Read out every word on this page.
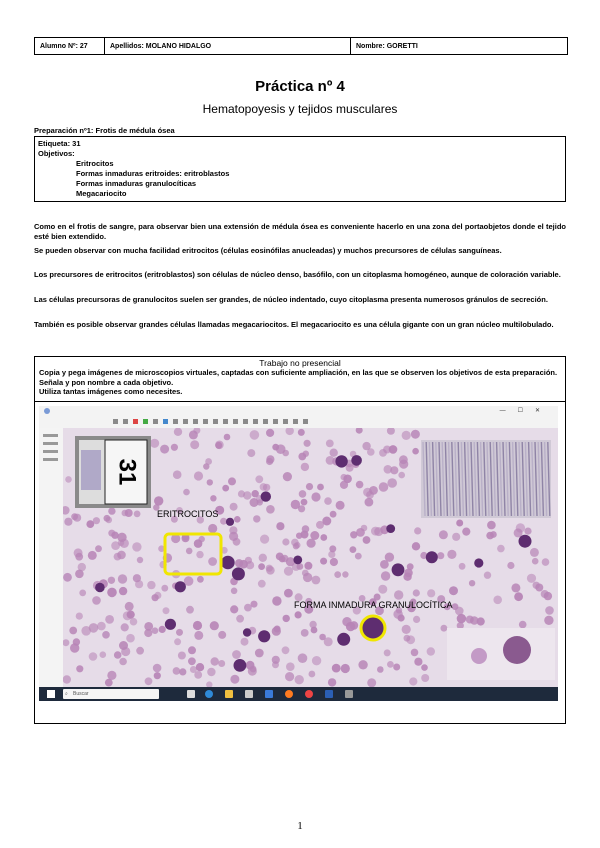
Alumno Nº: 27	Apellidos: MOLANO HIDALGO	Nombre: GORETTI
Práctica nº 4
Hematopoyesis y tejidos musculares
Preparación nº1: Frotis de médula ósea
Etiqueta: 31
Objetivos:
Eritrocitos
Formas inmaduras eritroides: eritroblastos
Formas inmaduras granulocíticas
Megacariocito

Como en el frotis de sangre, para observar bien una extensión de médula ósea es conveniente hacerlo en una zona del portaobjetos donde el tejido esté bien extendido.

Se pueden observar con mucha facilidad eritrocitos (células eosinófilas anucleadas) y muchos precursores de células sanguíneas.

Los precursores de eritrocitos (eritroblastos) son células de núcleo denso, basófilo, con un citoplasma homogéneo, aunque de coloración variable.

Las células precursoras de granulocitos suelen ser grandes, de núcleo indentado, cuyo citoplasma presenta numerosos gránulos de secreción.

También es posible observar grandes células llamadas megacariocitos. El megacariocito es una célula gigante con un gran núcleo multilobulado.

Trabajo no presencial
Copia y pega imágenes de microscopios virtuales, captadas con suficiente ampliación, en las que se observen los objetivos de esta preparación. Señala y pon nombre a cada objetivo.
Utiliza tantas imágenes como necesites.
—☐✕
31
ERITROCITOS
FORMA INMADURA GRANULOCÍTICA
⌕ Buscar
1
